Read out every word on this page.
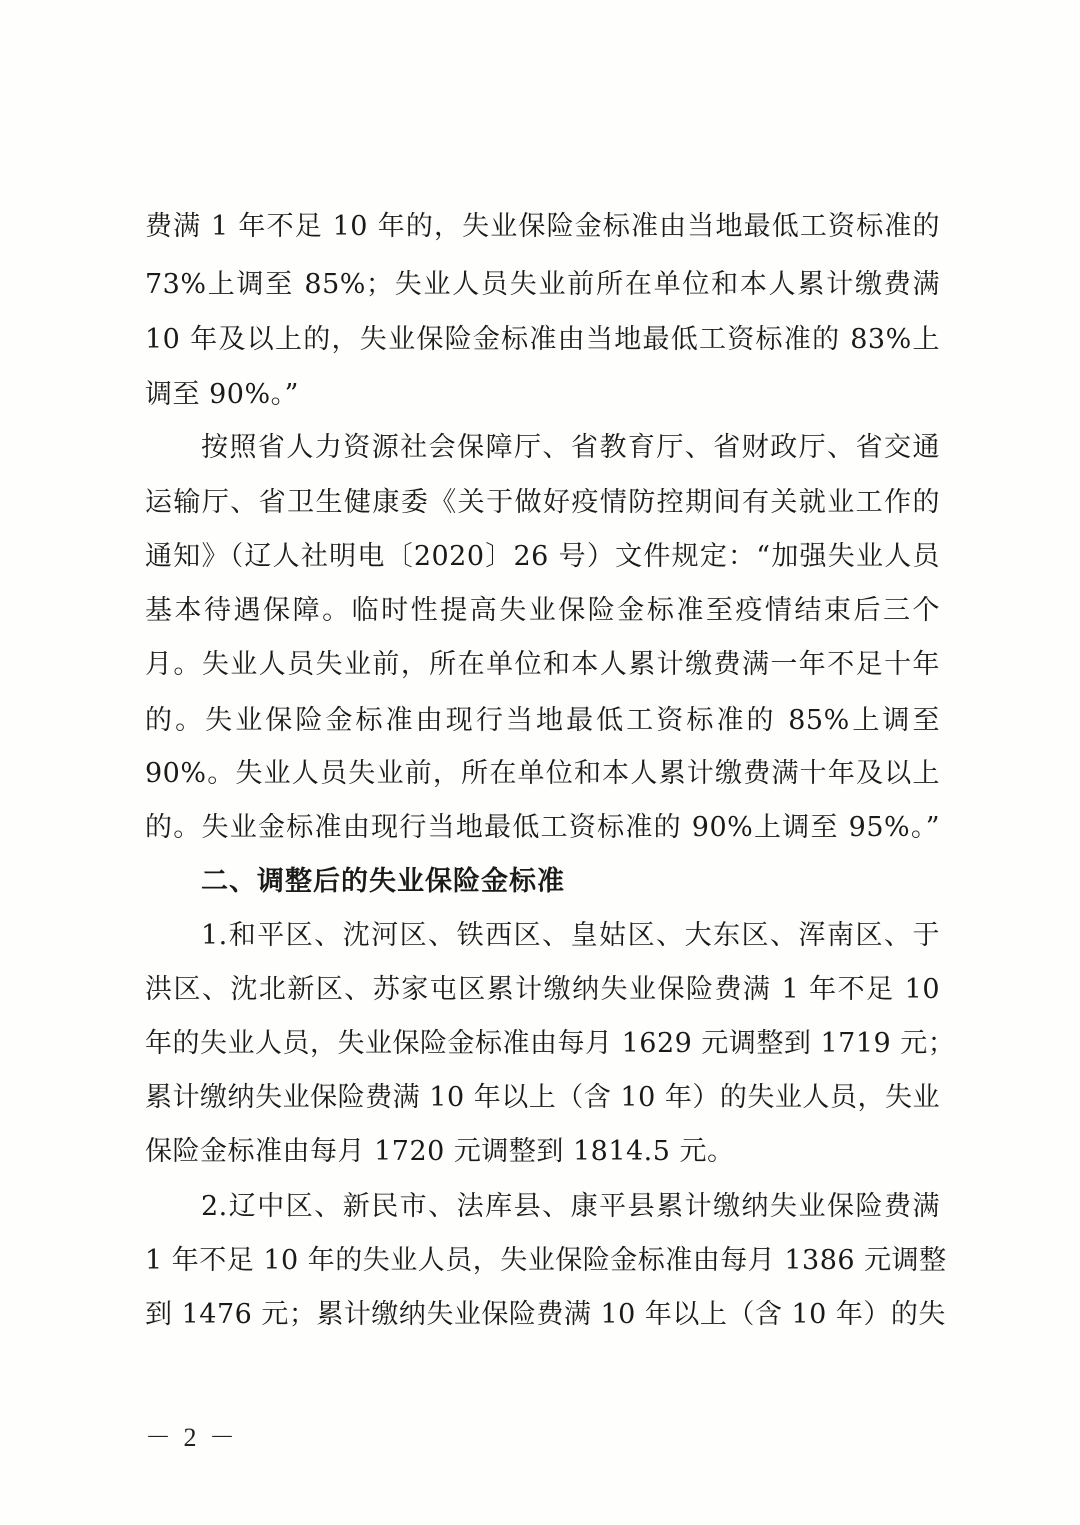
费满 1 年不足 10 年的，失业保险金标准由当地最低工资标准的
73%上调至 85%；失业人员失业前所在单位和本人累计缴费满
10 年及以上的，失业保险金标准由当地最低工资标准的 83%上
调至 90%。”
按照省人力资源社会保障厅、省教育厅、省财政厅、省交通
运输厅、省卫生健康委《关于做好疫情防控期间有关就业工作的
通知》（辽人社明电〔2020〕26 号）文件规定：“加强失业人员
基本待遇保障。临时性提高失业保险金标准至疫情结束后三个
月。失业人员失业前，所在单位和本人累计缴费满一年不足十年
的。失业保险金标准由现行当地最低工资标准的 85%上调至
90%。失业人员失业前，所在单位和本人累计缴费满十年及以上
的。失业金标准由现行当地最低工资标准的 90%上调至 95%。”
二、调整后的失业保险金标准
1.和平区、沈河区、铁西区、皇姑区、大东区、浑南区、于
洪区、沈北新区、苏家屯区累计缴纳失业保险费满 1 年不足 10
年的失业人员，失业保险金标准由每月 1629 元调整到 1719 元；
累计缴纳失业保险费满 10 年以上（含 10 年）的失业人员，失业
保险金标准由每月 1720 元调整到 1814.5 元。
2.辽中区、新民市、法库县、康平县累计缴纳失业保险费满
1 年不足 10 年的失业人员，失业保险金标准由每月 1386 元调整
到 1476 元；累计缴纳失业保险费满 10 年以上（含 10 年）的失
－ 2 －
